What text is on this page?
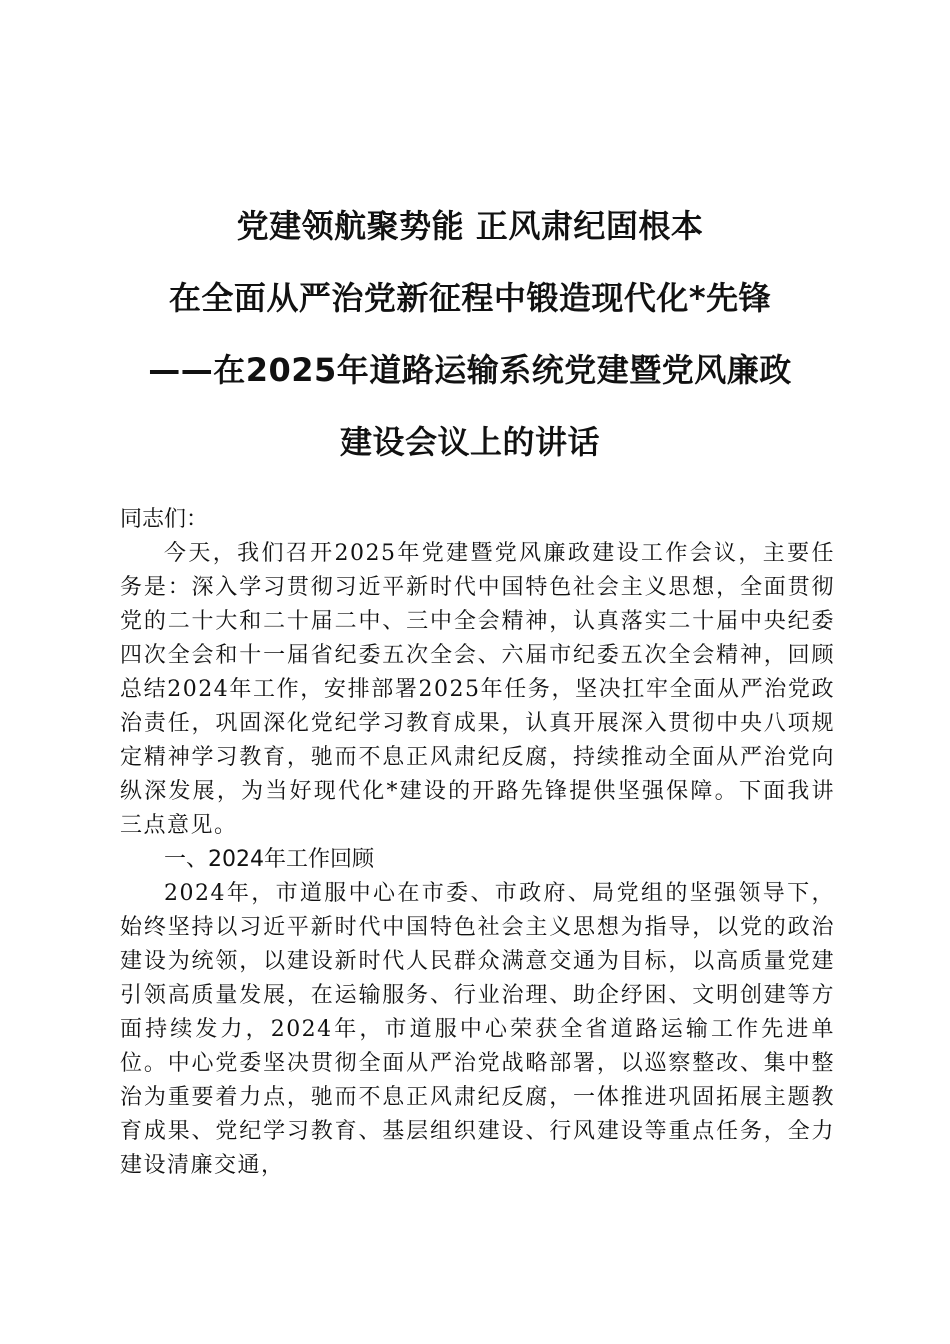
党建领航聚势能 正风肃纪固根本
在全面从严治党新征程中锻造现代化*先锋
——在2025年道路运输系统党建暨党风廉政
建设会议上的讲话

同志们：

今天，我们召开2025年党建暨党风廉政建设工作会议，主要任务是：深入学习贯彻习近平新时代中国特色社会主义思想，全面贯彻党的二十大和二十届二中、三中全会精神，认真落实二十届中央纪委四次全会和十一届省纪委五次全会、六届市纪委五次全会精神，回顾总结2024年工作，安排部署2025年任务，坚决扛牢全面从严治党政治责任，巩固深化党纪学习教育成果，认真开展深入贯彻中央八项规定精神学习教育，驰而不息正风肃纪反腐，持续推动全面从严治党向纵深发展，为当好现代化*建设的开路先锋提供坚强保障。下面我讲三点意见。

一、2024年工作回顾

2024年，市道服中心在市委、市政府、局党组的坚强领导下，始终坚持以习近平新时代中国特色社会主义思想为指导，以党的政治建设为统领，以建设新时代人民群众满意交通为目标，以高质量党建引领高质量发展，在运输服务、行业治理、助企纾困、文明创建等方面持续发力，2024年，市道服中心荣获全省道路运输工作先进单位。中心党委坚决贯彻全面从严治党战略部署，以巡察整改、集中整治为重要着力点，驰而不息正风肃纪反腐，一体推进巩固拓展主题教育成果、党纪学习教育、基层组织建设、行风建设等重点任务，全力建设清廉交通，
